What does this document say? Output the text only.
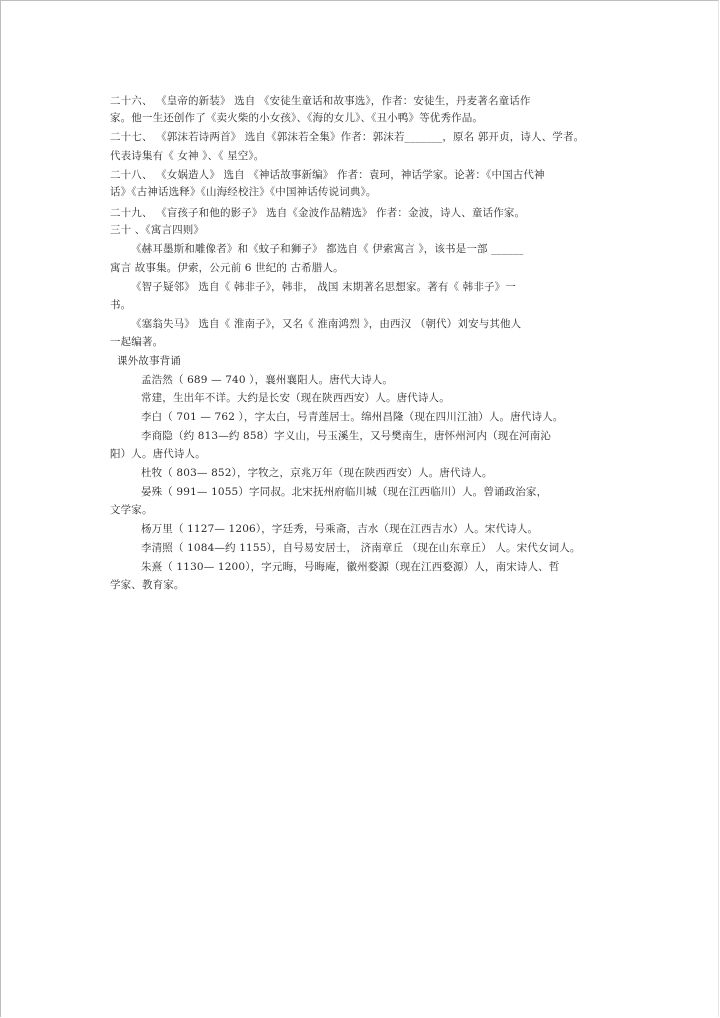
二十六、 《皇帝的新装》 选自 《安徒生童话和故事选》，作者：安徒生，丹麦著名童话作
家。他一生还创作了《卖火柴的小女孩》、《海的女儿》、《丑小鸭》等优秀作品。
二十七、 《郭沫若诗两首》 选自《郭沫若全集》作者：郭沫若_______，原名 郭开贞，诗人、学者。
代表诗集有《 女神 》、《 星空》。
二十八、 《女娲造人》 选自 《神话故事新编》 作者：袁珂，神话学家。论著：《中国古代神
话》《古神话选释》《山海经校注》《中国神话传说词典》。
二十九、 《盲孩子和他的影子》 选自《金波作品精选》 作者：金波，诗人、童话作家。
三十 、《寓言四则》
《赫耳墨斯和雕像者》和《蚊子和狮子》 都选自《 伊索寓言 》，该书是一部 ______
寓言 故事集。伊索，公元前 6 世纪的 古希腊人。
《智子疑邻》 选自《 韩非子》，韩非， 战国 末期著名思想家。著有《 韩非子》一
书。
《塞翁失马》 选自《 淮南子》，又名《 淮南鸿烈 》，由西汉 （朝代）刘安与其他人
一起编著。
课外故事背诵
孟浩然（ 689 — 740 ），襄州襄阳人。唐代大诗人。
常建，生出年不详。大约是长安（现在陕西西安）人。唐代诗人。
李白（ 701 — 762 ），字太白，号青莲居士。绵州昌隆（现在四川江油）人。唐代诗人。
李商隐（约 813—约 858）字义山，号玉溪生，又号樊南生，唐怀州河内（现在河南沁
阳）人。唐代诗人。
杜牧（ 803— 852），字牧之，京兆万年（现在陕西西安）人。唐代诗人。
晏殊（ 991— 1055）字同叔。北宋抚州府临川城（现在江西临川）人。曾诵政治家，
文学家。
杨万里（ 1127— 1206），字廷秀，号乘斋，吉水（现在江西吉水）人。宋代诗人。
李清照（ 1084—约 1155），自号易安居士， 济南章丘 （现在山东章丘） 人。宋代女词人。
朱熹（ 1130— 1200），字元晦，号晦庵，徽州婺源（现在江西婺源）人，南宋诗人、哲
学家、教育家。
